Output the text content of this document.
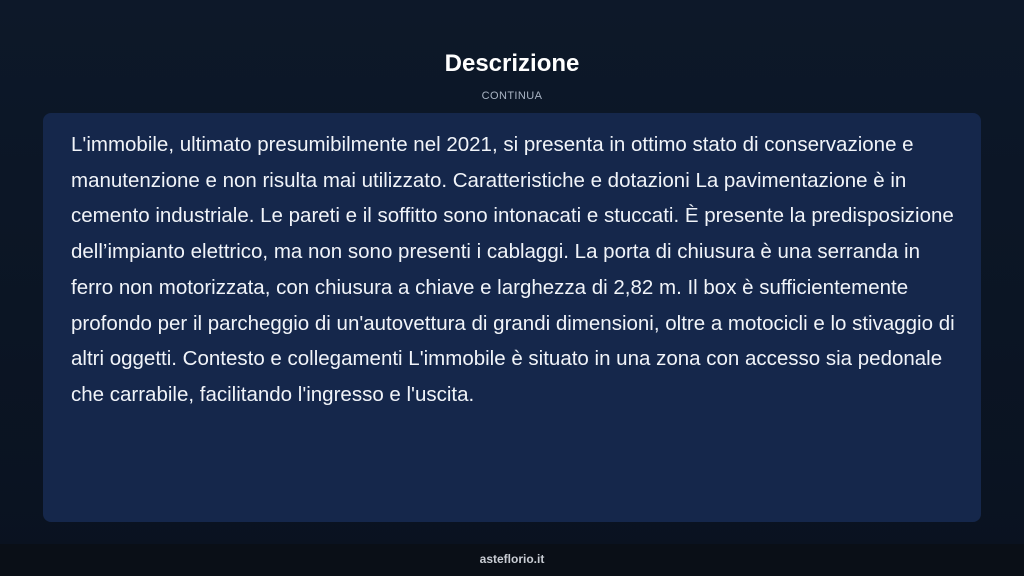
Descrizione
CONTINUA

L'immobile, ultimato presumibilmente nel 2021, si presenta in ottimo stato di conservazione e manutenzione e non risulta mai utilizzato. Caratteristiche e dotazioni La pavimentazione è in cemento industriale. Le pareti e il soffitto sono intonacati e stuccati. È presente la predisposizione dell’impianto elettrico, ma non sono presenti i cablaggi. La porta di chiusura è una serranda in ferro non motorizzata, con chiusura a chiave e larghezza di 2,82 m. Il box è sufficientemente profondo per il parcheggio di un'autovettura di grandi dimensioni, oltre a motocicli e lo stivaggio di altri oggetti. Contesto e collegamenti L'immobile è situato in una zona con accesso sia pedonale che carrabile, facilitando l'ingresso e l'uscita.

asteflorio.it
